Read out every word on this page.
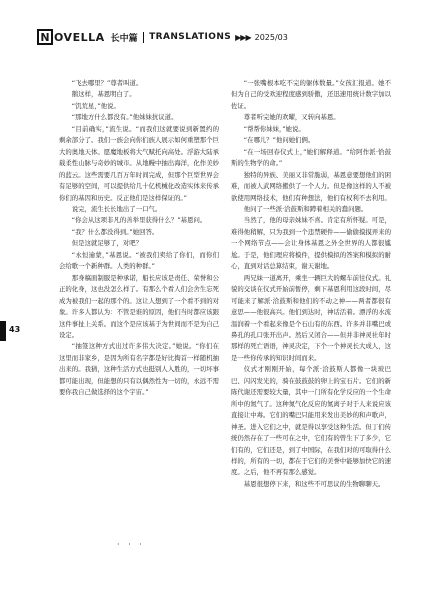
N OVELLA 长中篇 TRANSLATIONS ▶▶▶ 2025/03

“飞去哪里？”尊者叫道。

鹅这样，基恩明白了。

“饥荒星，”他说。

“那地方什么都没有。”他妹妹抗议道。

“目前确实，”流生说。“而我们这就要说到新置约的剩余部分了。我们一族会向你们族人展示如何重塑那个巨大的奥地天体。愿魔地板将大气赋托向高处。浮游大陆承载柔性山脉与奇妙的城市。从地幔中抽出海洋，化作美妙的蓝云。这些需要几百万年时间完成，但那个巨型世界会有足够的空间，可以提供给几十亿机械化改造实体来传承你们的基因和历史。反正他们是这样保证的。”

说完，流生长长地出了一口气。

“你会从这项非凡的善举里获得什么？”基恩问。

“我？什么都没得到。”她回答。

但是这就足够了，对吧？

“永恒逾蒙，”基恩说。“被我们卖给了你们，而你们会给歌一个新种群。人类的种群。”

那身稿面制服是种承诺，船长应该是责任、荣誉和公正的化身，这也没怎么样了。有那么个看人们会舍生忘死成为被我们一起的那个的。这让人想到了一个看不到的对象。许多人都认为：不管是谁的原因，他们当时都应该跟这件事扯上关系。而这个是应该基于为世间而不是为自己设定。

“抽签这种方式出过许多伟大决定。”她说。“你们在这里而非家乡，是因为所有名字都是好比掏首一样随机抽出来的。我猜，这种生活方式也挺别人入胜的，一切坏事都可能出现，但能想的只有以偶然性为一切的，永远不需要你我自己做选择的这个宇宙。”

“一张嘴根本吃不完的躯体数量。”女孩汇报道。她不但为自己的受欢迎程度感到骄傲，还迅速用统计数字加以佐证。

尊者听完她的欢曜，又转向基恩。

“帮帮你妹妹，”她说。

“在哪儿？”他问她们俩。

“在一场回春仪式上，”她们解释道。“给阿作派·恰鼓斯的生物学的命。”

独特的异族、美丽又非常脆弱，基恩意要想他们的困难，而被人武网络搬供了一个人力。但是像这样的人不被欲使用网络技术，他们有种想法，他们有权利不去利用。

他问了一些派·洽鼓斯和蹲着相关的蠢问题。

当然了，他的母亲妹妹不喜。肯定有所怀疑。可是，难得他稍解，只为我到一个违禁硬件——偷偷摸摸弄来的一个网络节点——会让身体基恩之外全世界的人都很尴尬。于是，他们理应将模件，提供模拟的答案和模拟的耐心，直到对话总算结束，谢天谢地。

两兄妹一道离开，乘坐一辆巨大的螺车前往仪式。礼貌的交谈在仪式开始前暂停，剩下基恩利用这段时间，尽可能来了解派·洽鼓斯和他们的不动之神——两者都很有意思——他很高兴。他们到达时，神话活着。漂浮的水流温润着一个看起来像是个石山有的东西。许多并非嘴巴或鼻孔的孔口张开出声。然后又闭合——但并非神灵社年时那样的死亡语语，神灵决定，下个一个神灵长大成人，这是一些你传承的知识时间而来。

仪式才刚刚开始，每个派·洽鼓斯人都像一块玻巴巴、闪闪发光的，骑在鼓鼓鼓的卵上的宝石片。它们的新陈代谢还需要较大量，其中一门所有化学反应的一个生命所中的氮气了。这种氮气化反应的氮离子对于人来说应该直接让中毒。它们的嘴巴只能用来发出美妙的和声歌声，神圣。进入它们之中，就是得以享受这种生活。但丁们传统仍然存在了一些可在之中，它们有的曾生下了多少，它们有的，它们还是，到了中国际，在我们对的可取得什么样的，所有的一切，都在于它们的美誉中能够加快它的速度。之后，他不再有那么感觉。

基恩很想停下来，和这些不可思议的生物聊聊天。

43
· · ·
